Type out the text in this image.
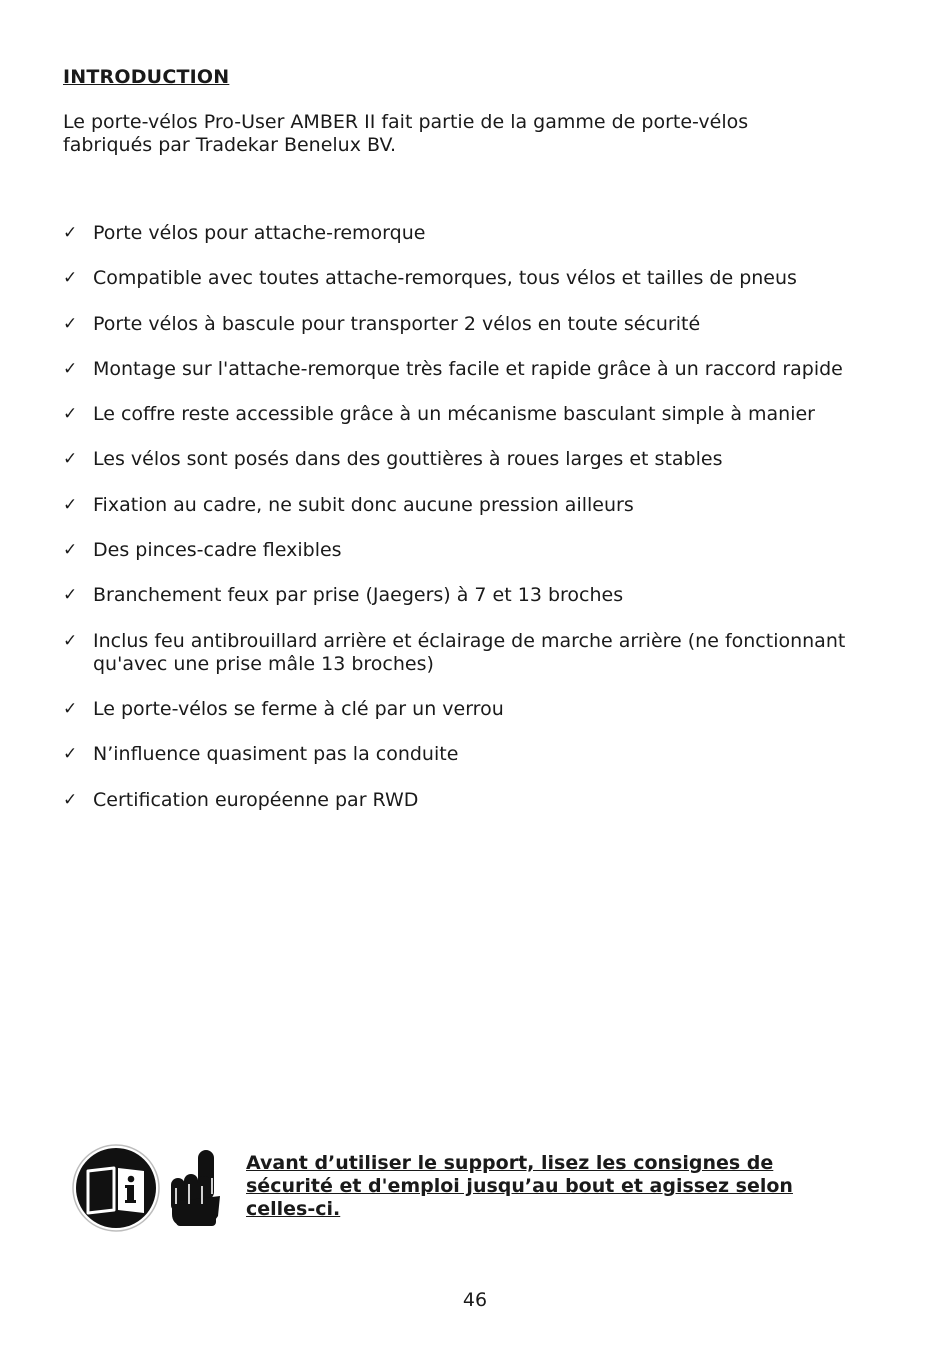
INTRODUCTION
Le porte-vélos Pro-User AMBER II fait partie de la gamme de porte-vélos fabriqués par Tradekar Benelux BV.
✓ Porte vélos pour attache-remorque
✓ Compatible avec toutes attache-remorques, tous vélos et tailles de pneus
✓ Porte vélos à bascule pour transporter 2 vélos en toute sécurité
✓ Montage sur l'attache-remorque très facile et rapide grâce à un raccord rapide
✓ Le coffre reste accessible grâce à un mécanisme basculant simple à manier
✓ Les vélos sont posés dans des gouttières à roues larges et stables
✓ Fixation au cadre, ne subit donc aucune pression ailleurs
✓ Des pinces-cadre flexibles
✓ Branchement feux par prise (Jaegers) à 7 et 13 broches
✓ Inclus feu antibrouillard arrière et éclairage de marche arrière (ne fonctionnant qu'avec une prise mâle 13 broches)
✓ Le porte-vélos se ferme à clé par un verrou
✓ N’influence quasiment pas la conduite
✓ Certification européenne par RWD
Avant d’utiliser le support, lisez les consignes de sécurité et d'emploi jusqu’au bout et agissez selon celles-ci.
46
